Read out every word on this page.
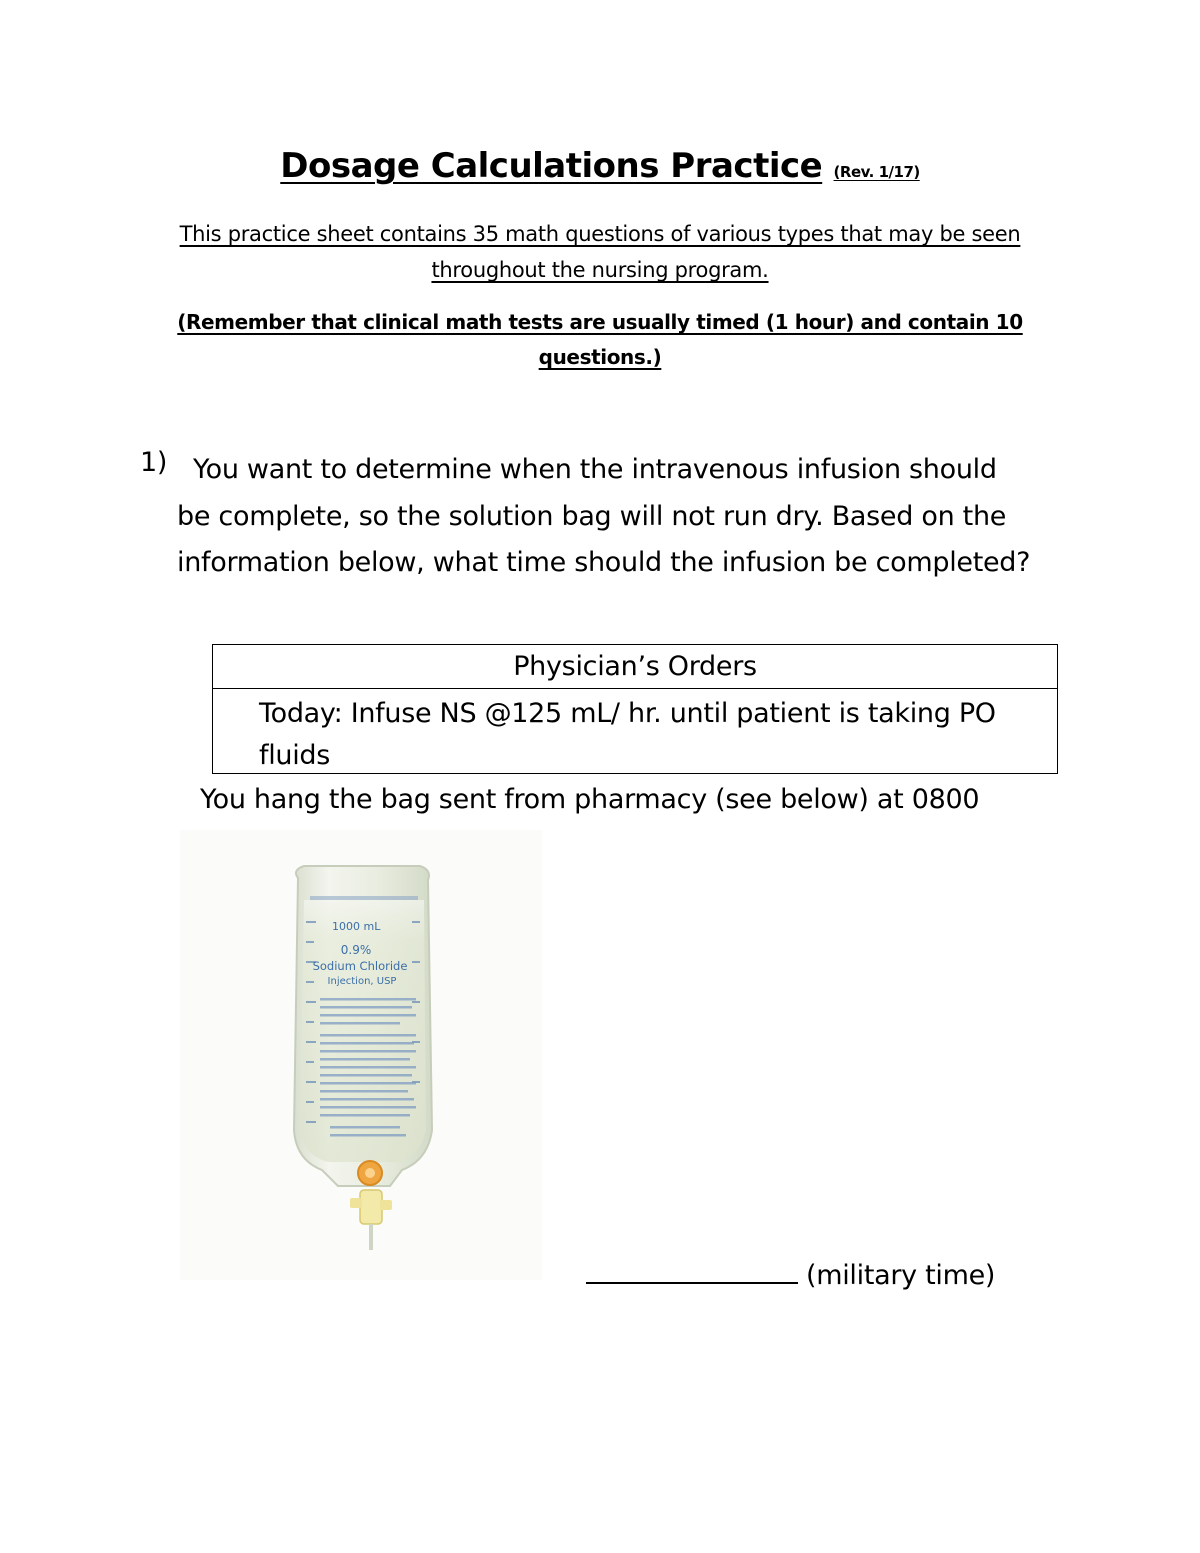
Dosage Calculations Practice (Rev. 1/17)
This practice sheet contains 35 math questions of various types that may be seen throughout the nursing program.
(Remember that clinical math tests are usually timed (1 hour) and contain 10 questions.)
1) You want to determine when the intravenous infusion should be complete, so the solution bag will not run dry. Based on the information below, what time should the infusion be completed?
Physician’s Orders
Today: Infuse NS @125 mL/ hr. until patient is taking PO fluids
You hang the bag sent from pharmacy (see below) at 0800
1000 mL
0.9%
Sodium Chloride
Injection, USP
(military time)
